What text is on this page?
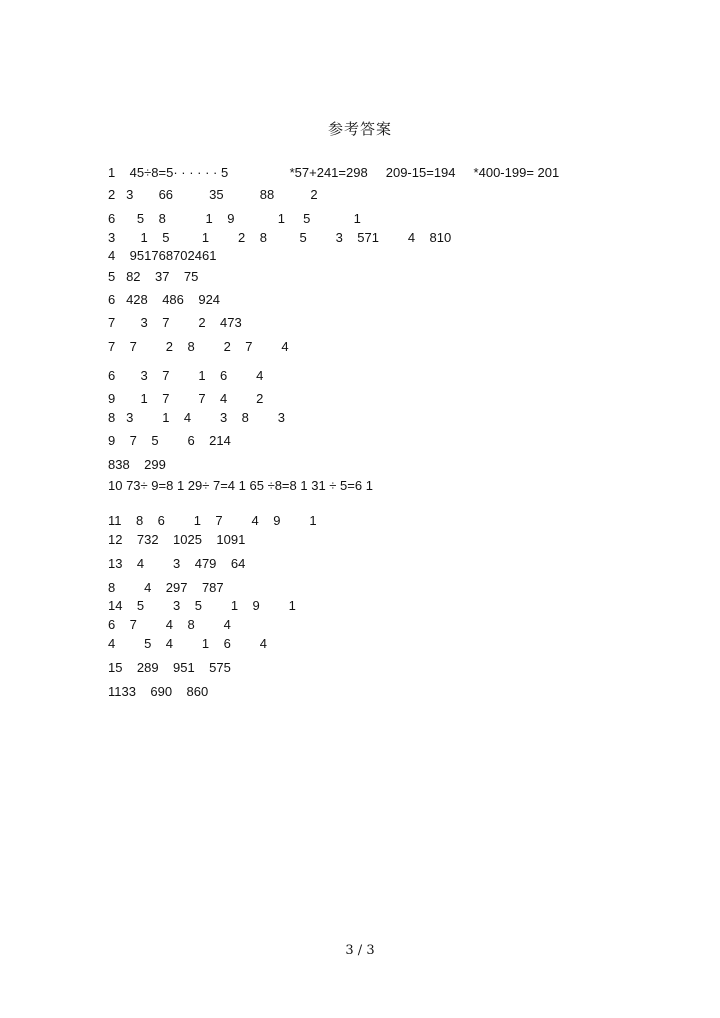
参考答案
1    45÷8=5· · · · · · 5                 *57+241=298     209-15=194     *400-199= 201
2   3       66          35          88          2
6      5    8           1    9            1     5            1
3       1    5         1        2    8         5        3    571        4    810
4    951768702461
5   82    37    75
6   428    486    924
7       3    7        2    473
7    7        2    8        2    7        4
6       3    7        1    6        4
9       1    7        7    4        2
8   3        1    4        3    8        3
9    7    5        6    214
838    299
10 73÷ 9=8 1 29÷ 7=4 1 65 ÷8=8 1 31 ÷ 5=6 1
11    8    6        1    7        4    9        1
12    732    1025    1091
13    4        3    479    64
8        4    297    787
14    5        3    5        1    9        1
6    7        4    8        4
4        5    4        1    6        4
15    289    951    575
1133    690    860
3 / 3
